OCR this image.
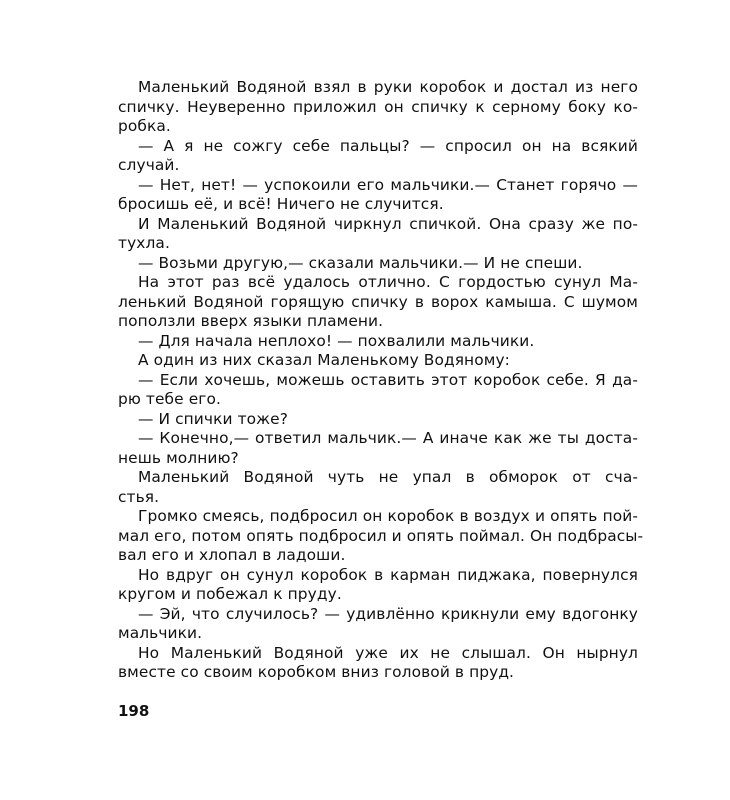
Маленький Водяной взял в руки коробок и достал из него
спичку. Неуверенно приложил он спичку к серному боку ко-
робка.
— А я не сожгу себе пальцы? — спросил он на всякий
случай.
— Нет, нет! — успокоили его мальчики.— Станет горячо —
бросишь её, и всё! Ничего не случится.
И Маленький Водяной чиркнул спичкой. Она сразу же по-
тухла.
— Возьми другую,— сказали мальчики.— И не спеши.
На этот раз всё удалось отлично. С гордостью сунул Ма-
ленький Водяной горящую спичку в ворох камыша. С шумом
поползли вверх языки пламени.
— Для начала неплохо! — похвалили мальчики.
А один из них сказал Маленькому Водяному:
— Если хочешь, можешь оставить этот коробок себе. Я да-
рю тебе его.
— И спички тоже?
— Конечно,— ответил мальчик.— А иначе как же ты доста-
нешь молнию?
Маленький Водяной чуть не упал в обморок от сча-
стья.
Громко смеясь, подбросил он коробок в воздух и опять пой-
мал его, потом опять подбросил и опять поймал. Он подбрасы-
вал его и хлопал в ладоши.
Но вдруг он сунул коробок в карман пиджака, повернулся
кругом и побежал к пруду.
— Эй, что случилось? — удивлённо крикнули ему вдогонку
мальчики.
Но Маленький Водяной уже их не слышал. Он нырнул
вместе со своим коробком вниз головой в пруд.
198
